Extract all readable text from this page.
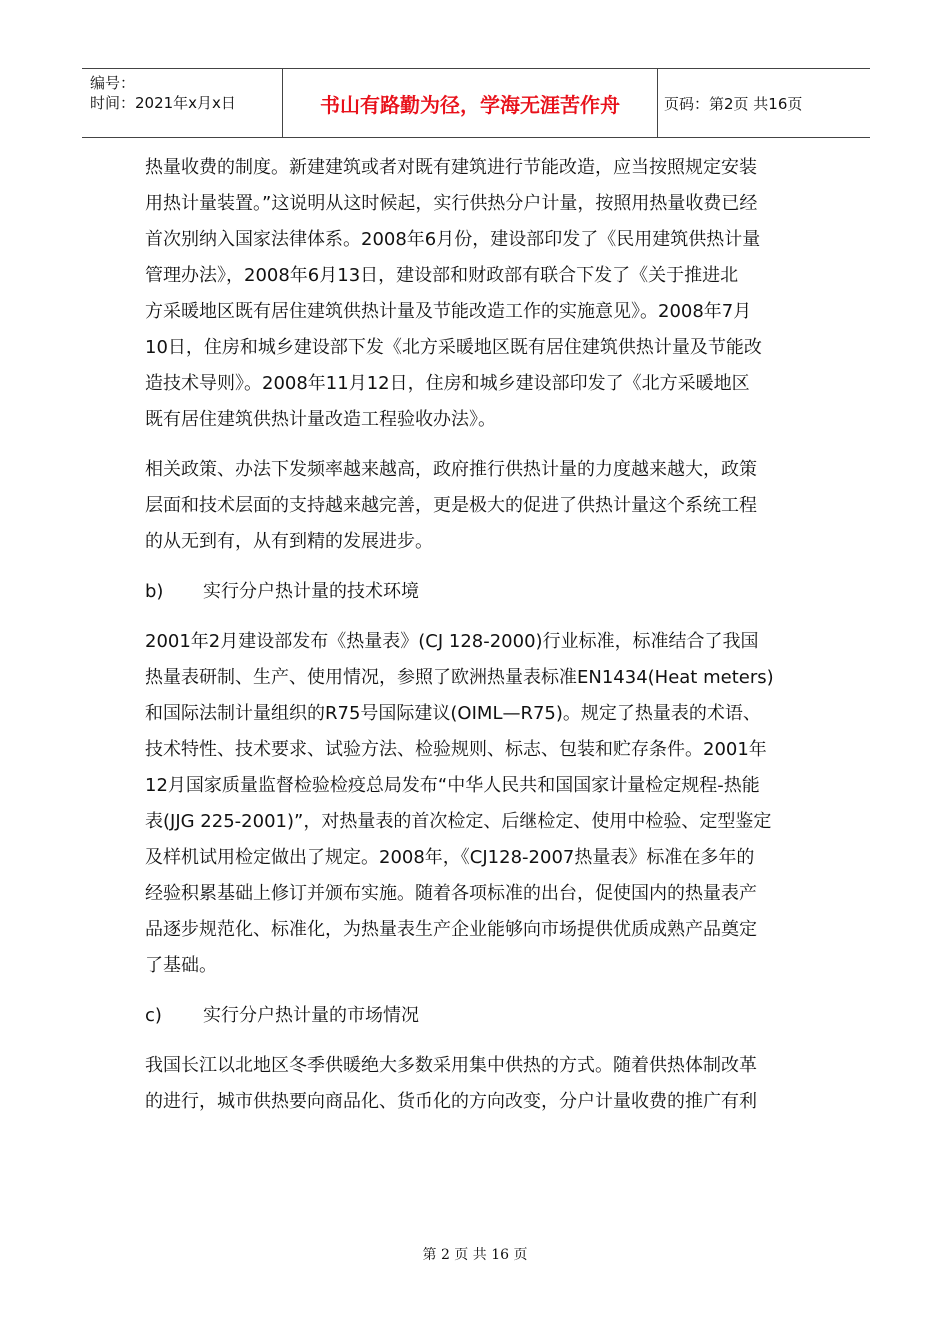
编号：
时间：2021年x月x日	书山有路勤为径，学海无涯苦作舟	页码：第2页 共16页

热量收费的制度。新建建筑或者对既有建筑进行节能改造，应当按照规定安装
用热计量装置。”这说明从这时候起，实行供热分户计量，按照用热量收费已经
首次别纳入国家法律体系。2008年6月份，建设部印发了《民用建筑供热计量
管理办法》，2008年6月13日，建设部和财政部有联合下发了《关于推进北
方采暖地区既有居住建筑供热计量及节能改造工作的实施意见》。2008年7月
10日，住房和城乡建设部下发《北方采暖地区既有居住建筑供热计量及节能改
造技术导则》。2008年11月12日，住房和城乡建设部印发了《北方采暖地区
既有居住建筑供热计量改造工程验收办法》。

相关政策、办法下发频率越来越高，政府推行供热计量的力度越来越大，政策
层面和技术层面的支持越来越完善，更是极大的促进了供热计量这个系统工程
的从无到有，从有到精的发展进步。

b) 实行分户热计量的技术环境

2001年2月建设部发布《热量表》(CJ 128-2000)行业标准，标准结合了我国
热量表研制、生产、使用情况，参照了欧洲热量表标准EN1434(Heat meters)
和国际法制计量组织的R75号国际建议(OIML—R75)。规定了热量表的术语、
技术特性、技术要求、试验方法、检验规则、标志、包装和贮存条件。2001年
12月国家质量监督检验检疫总局发布“中华人民共和国国家计量检定规程-热能
表(JJG 225-2001)”，对热量表的首次检定、后继检定、使用中检验、定型鉴定
及样机试用检定做出了规定。2008年，《CJ128-2007热量表》标准在多年的
经验积累基础上修订并颁布实施。随着各项标准的出台，促使国内的热量表产
品逐步规范化、标准化，为热量表生产企业能够向市场提供优质成熟产品奠定
了基础。

c) 实行分户热计量的市场情况

我国长江以北地区冬季供暖绝大多数采用集中供热的方式。随着供热体制改革
的进行，城市供热要向商品化、货币化的方向改变，分户计量收费的推广有利

第 2 页 共 16 页
